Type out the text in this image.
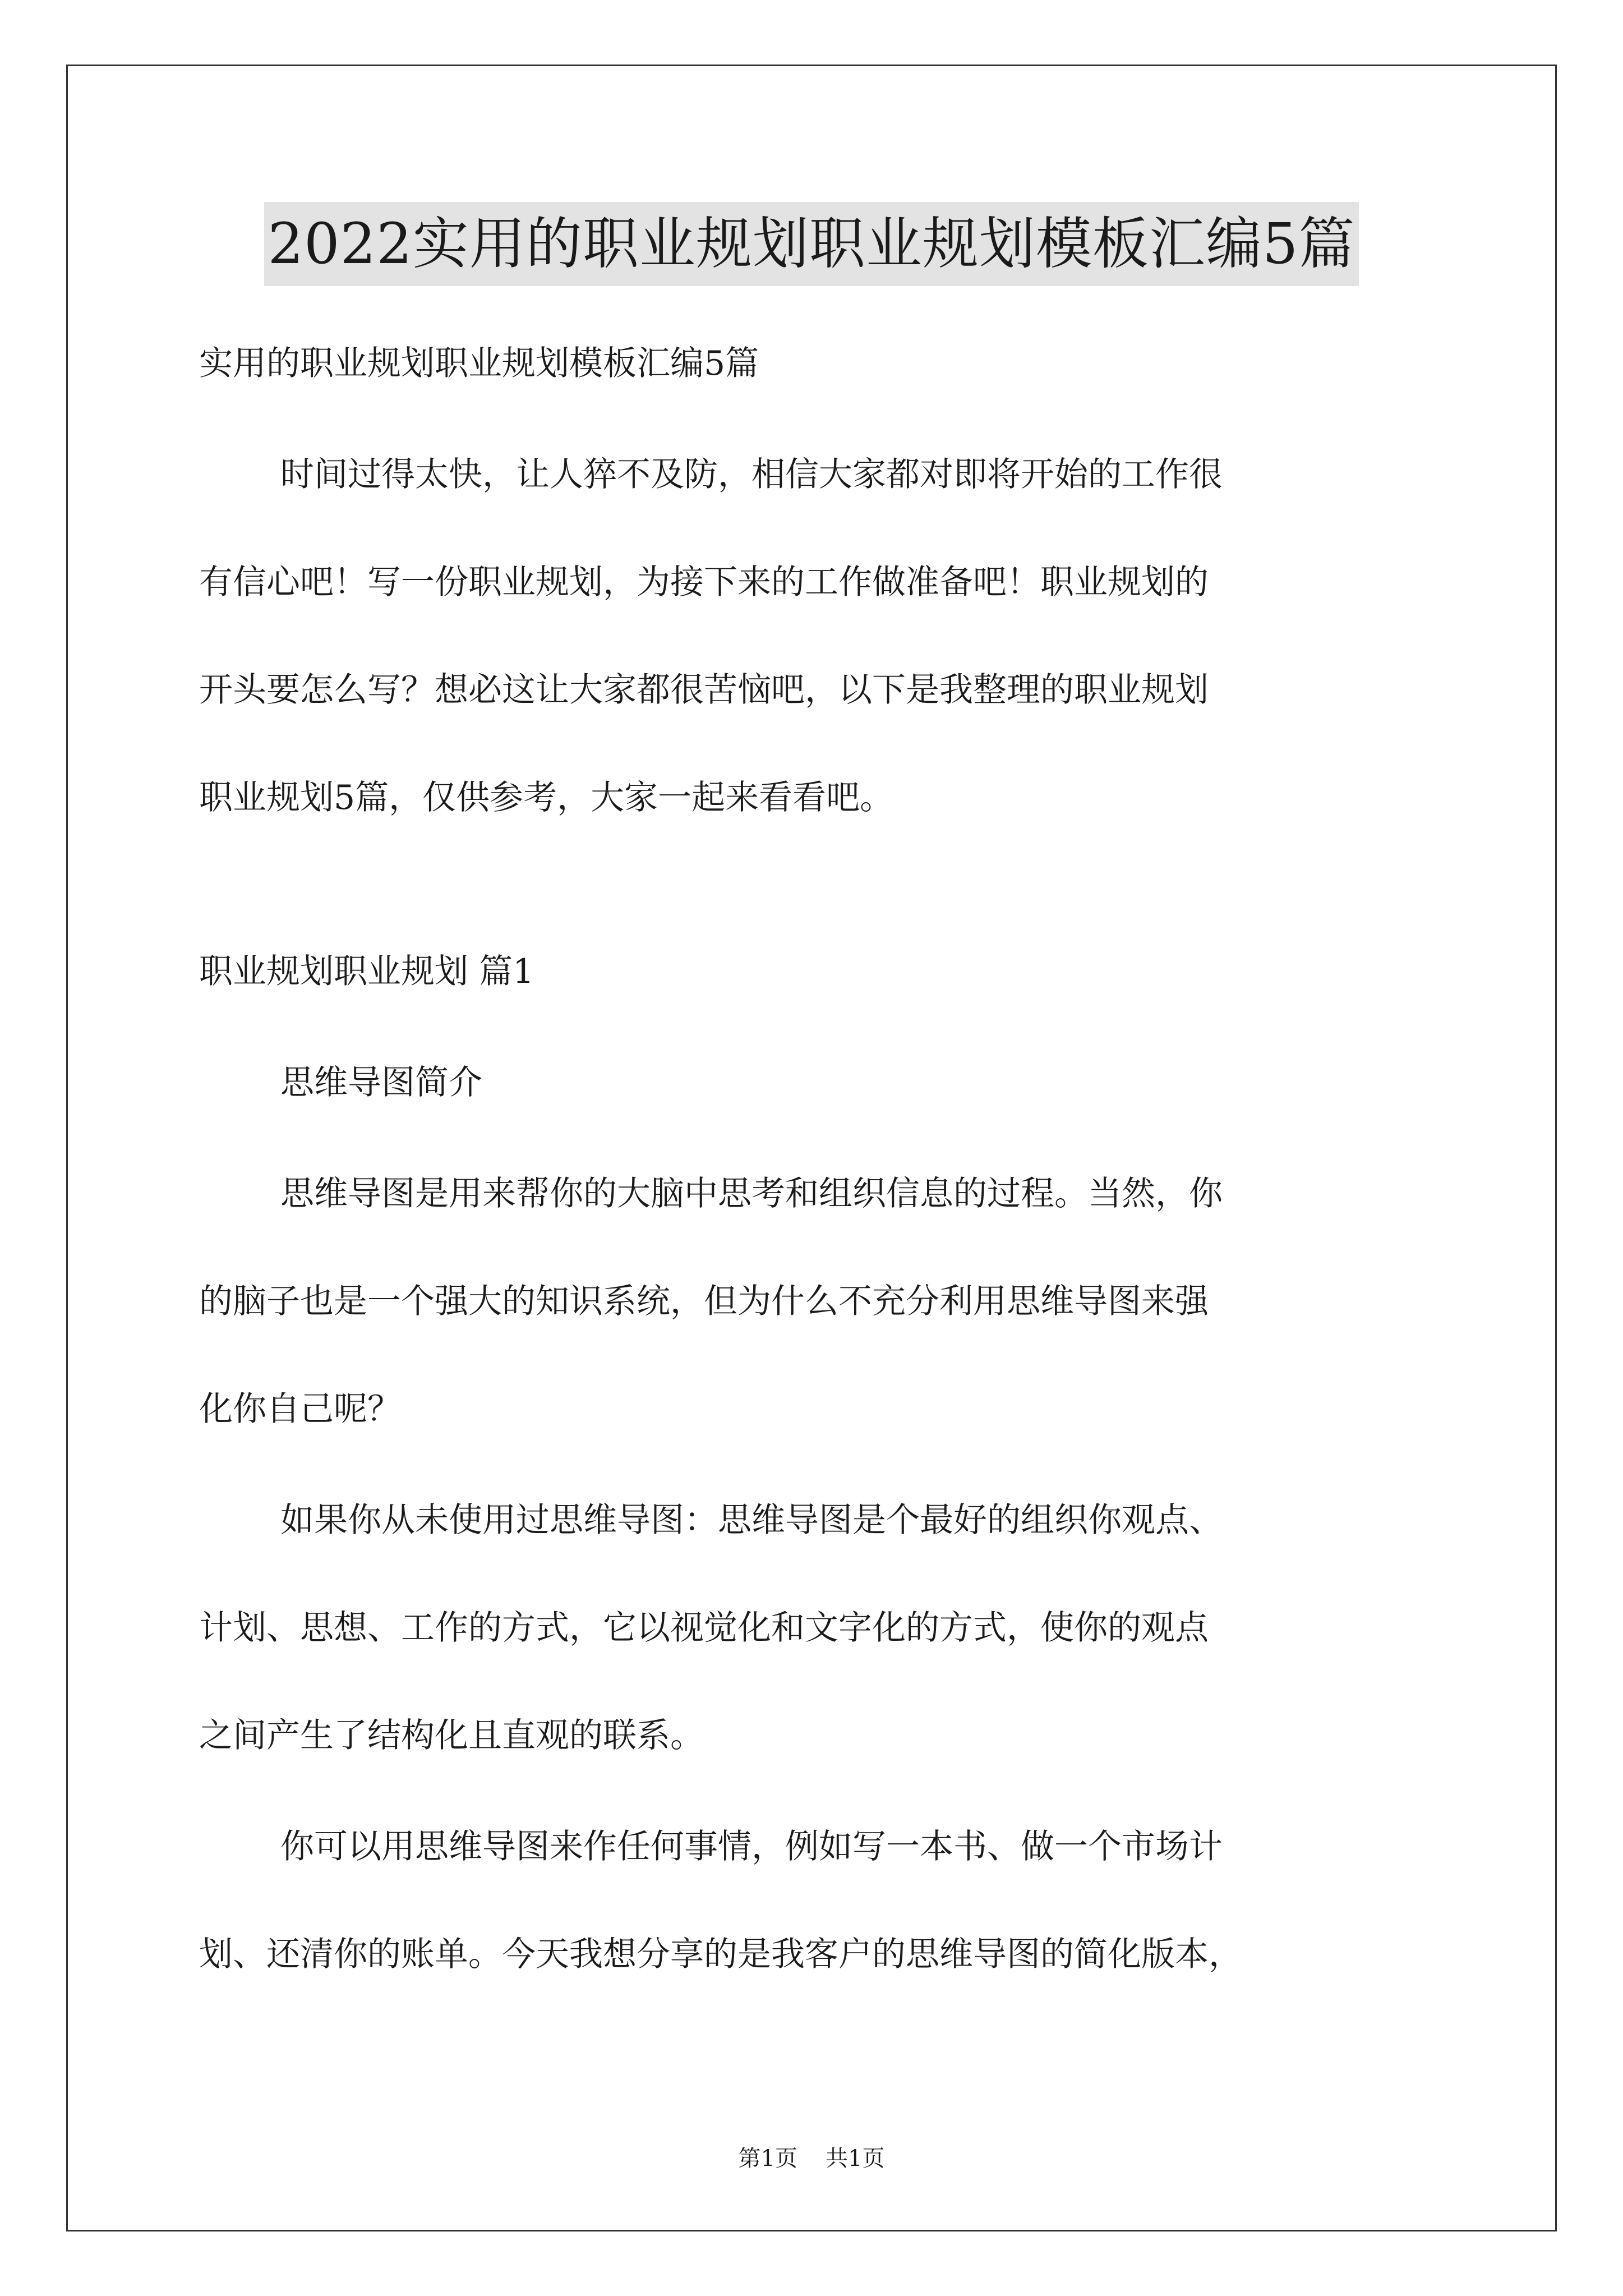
2022实用的职业规划职业规划模板汇编5篇

实用的职业规划职业规划模板汇编5篇

时间过得太快，让人猝不及防，相信大家都对即将开始的工作很

有信心吧！写一份职业规划，为接下来的工作做准备吧！职业规划的

开头要怎么写？想必这让大家都很苦恼吧，以下是我整理的职业规划

职业规划5篇，仅供参考，大家一起来看看吧。

职业规划职业规划 篇1

思维导图简介

思维导图是用来帮你的大脑中思考和组织信息的过程。当然，你

的脑子也是一个强大的知识系统，但为什么不充分利用思维导图来强

化你自己呢？

如果你从未使用过思维导图：思维导图是个最好的组织你观点、

计划、思想、工作的方式，它以视觉化和文字化的方式，使你的观点

之间产生了结构化且直观的联系。

你可以用思维导图来作任何事情，例如写一本书、做一个市场计

划、还清你的账单。今天我想分享的是我客户的思维导图的简化版本，

第1页 共1页
